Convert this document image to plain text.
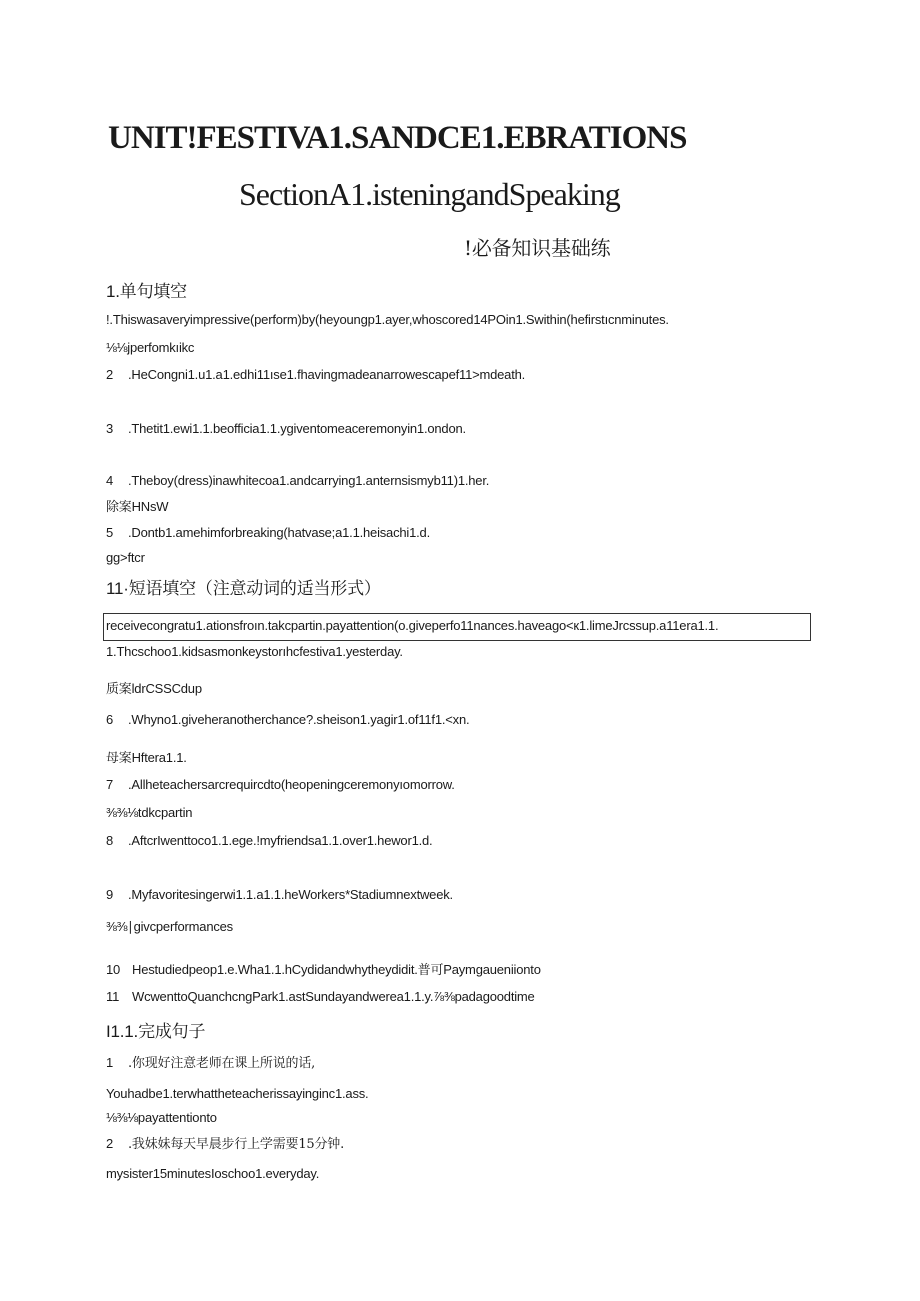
UNIT!FESTIVA1.SANDCE1.EBRATIONS
SectionA1.isteningandSpeaking
!必备知识基础练
1.单句填空
!.Thiswasaveryimpressive(perform)by(heyoungp1.ayer,whoscored14POin1.Swithin(hefirstıcnminutes.
⅛⅛jperfomkıikc
2 .HeCongni1.u1.a1.edhi11ıse1.fhavingmadeanarrowescapef11>mdeath.
3 .Thetit1.ewi1.1.beofficia1.1.ygiventomeaceremonyin1.ondon.
4 .Theboy(dress)inawhitecoa1.andcarrying1.anternsismyb11)1.her.
除案HNsW
5 .Dontb1.amehimforbreaking(hatvase;a1.1.heisachi1.d.
gg>ftcr
11·短语填空（注意动词的适当形式）
receivecongratu1.ationsfroın.takcpartin.payattention(o.giveperfo11nances.haveago<к1.limeJrcssup.a11era1.1.
1.Thcschoo1.kidsasmonkeystorıhcfestiva1.yesterday.
质案ldrCSSCdup
6 .Whyno1.giveheranotherchance?.sheison1.yagir1.of11f1.<xn.
母案Hftera1.1.
7 .Allheteachersarcrequircdto(heopeningceremonyıomorrow.
⅜⅜⅛tdkcpartin
8 .AftcrIwenttoco1.1.ege.!myfriendsa1.1.over1.hewor1.d.
9 .Myfavoritesingerwi1.1.a1.1.heWorkers*Stadiumnextweek.
⅜⅜∣givcperformances
10 Hestudiedpeop1.e.Wha1.1.hCydidandwhytheydidit.普可Paymgaueniionto
11 WcwenttoQuanchcngPark1.astSundayandwerea1.1.y.⅞⅜padagoodtime
I1.1.完成句子
1 .你现好注意老师在课上所说的话,
Youhadbe1.terwhattheteacherissayinginc1.ass.
⅛⅜⅛payattentionto
2 .我妹妹每天早晨步行上学需要15分钟.
mysister15minutesIoschoo1.everyday.
